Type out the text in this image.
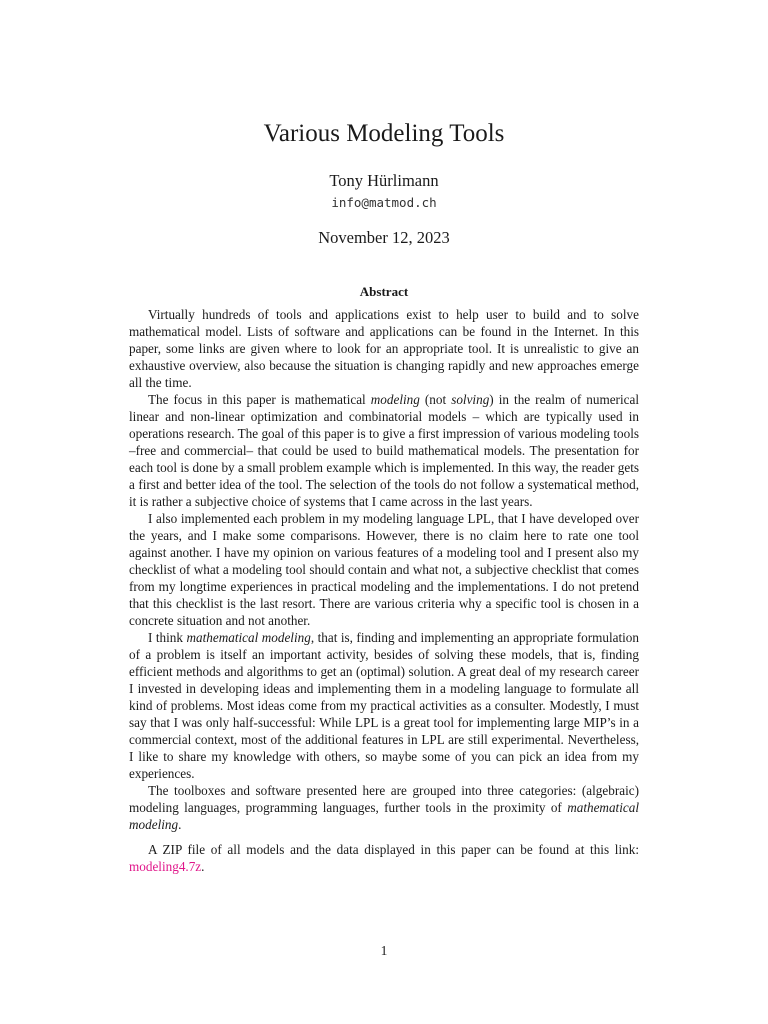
Various Modeling Tools
Tony Hürlimann
info@matmod.ch
November 12, 2023
Abstract

Virtually hundreds of tools and applications exist to help user to build and to solve mathematical model. Lists of software and applications can be found in the Internet. In this paper, some links are given where to look for an appropriate tool. It is unrealistic to give an exhaustive overview, also because the situation is changing rapidly and new approaches emerge all the time.

The focus in this paper is mathematical modeling (not solving) in the realm of numerical linear and non-linear optimization and combinatorial models – which are typically used in operations research. The goal of this paper is to give a first impression of various modeling tools –free and commercial– that could be used to build mathematical models. The presentation for each tool is done by a small problem example which is implemented. In this way, the reader gets a first and better idea of the tool. The selection of the tools do not follow a systematical method, it is rather a subjective choice of systems that I came across in the last years.

I also implemented each problem in my modeling language LPL, that I have developed over the years, and I make some comparisons. However, there is no claim here to rate one tool against another. I have my opinion on various features of a modeling tool and I present also my checklist of what a modeling tool should contain and what not, a subjective checklist that comes from my longtime experiences in practical modeling and the implementations. I do not pretend that this checklist is the last resort. There are various criteria why a specific tool is chosen in a concrete situation and not another.

I think mathematical modeling, that is, finding and implementing an appropriate formulation of a problem is itself an important activity, besides of solving these models, that is, finding efficient methods and algorithms to get an (optimal) solution. A great deal of my research career I invested in developing ideas and implementing them in a modeling language to formulate all kind of problems. Most ideas come from my practical activities as a consulter. Modestly, I must say that I was only half-successful: While LPL is a great tool for implementing large MIP’s in a commercial context, most of the additional features in LPL are still experimental. Nevertheless, I like to share my knowledge with others, so maybe some of you can pick an idea from my experiences.

The toolboxes and software presented here are grouped into three categories: (algebraic) modeling languages, programming languages, further tools in the proximity of mathematical modeling.

A ZIP file of all models and the data displayed in this paper can be found at this link: modeling4.7z.

1
